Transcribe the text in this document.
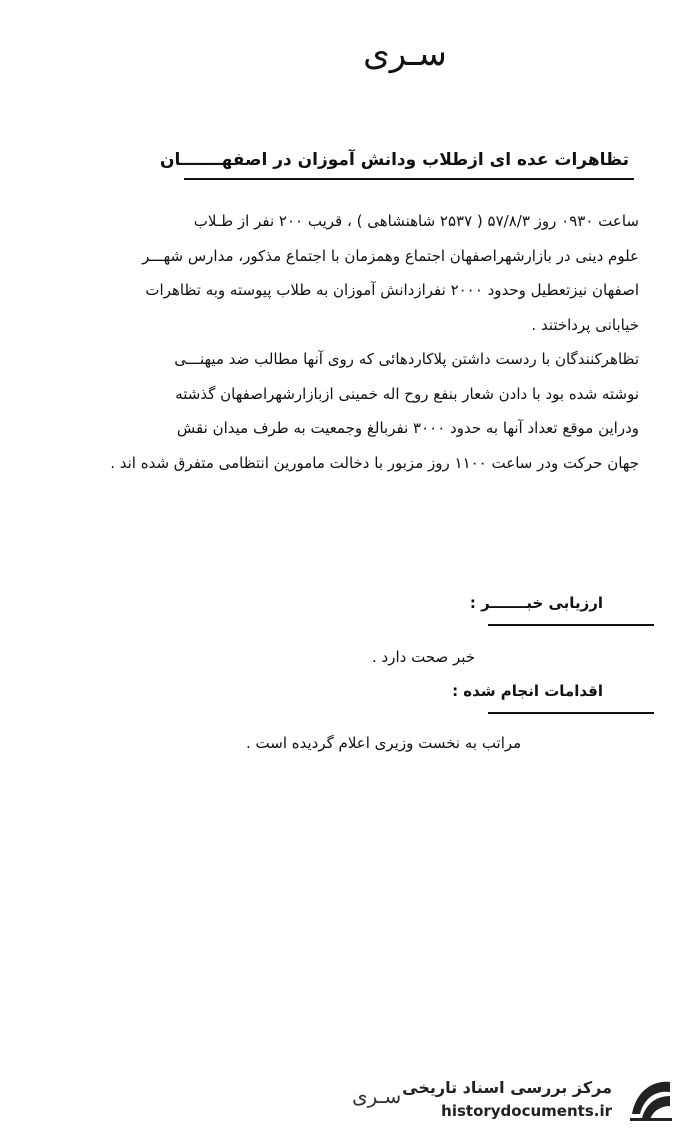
سـری
تظاهرات عده ای ازطلاب ودانش آموزان در اصفهـــــــان

ساعت ۰۹۳۰ روز ۵۷/۸/۳ ( ۲۵۳۷ شاهنشاهی ) ، قریب ۲۰۰ نفر از طـلاب

علوم دینی در بازارشهراصفهان اجتماع وهمزمان با اجتماع مذکور، مدارس شهـــر

اصفهان نیزتعطیل وحدود ۲۰۰۰ نفرازدانش آموزان به طلاب پیوسته وبه تظاهرات

خیابانی پرداختند .

تظاهرکنندگان با ردست داشتن پلاکاردهائی که روی آنها مطالب ضد میهنـــی

نوشته شده بود با دادن شعار بنفع روح اله خمینی ازبازارشهراصفهان گذشته

ودراین موقع تعداد آنها به حدود ۳۰۰۰ نفربالغ وجمعیت به طرف میدان نقش

جهان حرکت ودر ساعت ۱۱۰۰ روز مزبور با دخالت مامورین انتظامی متفرق شده اند .

ارزیابی خبـــــــر :
خبر صحت دارد .
اقدامات انجام شده :
مراتب به نخست وزیری اعلام گردیده است .
سـری مرکز بررسی اسناد تاریخی
historydocuments.ir
